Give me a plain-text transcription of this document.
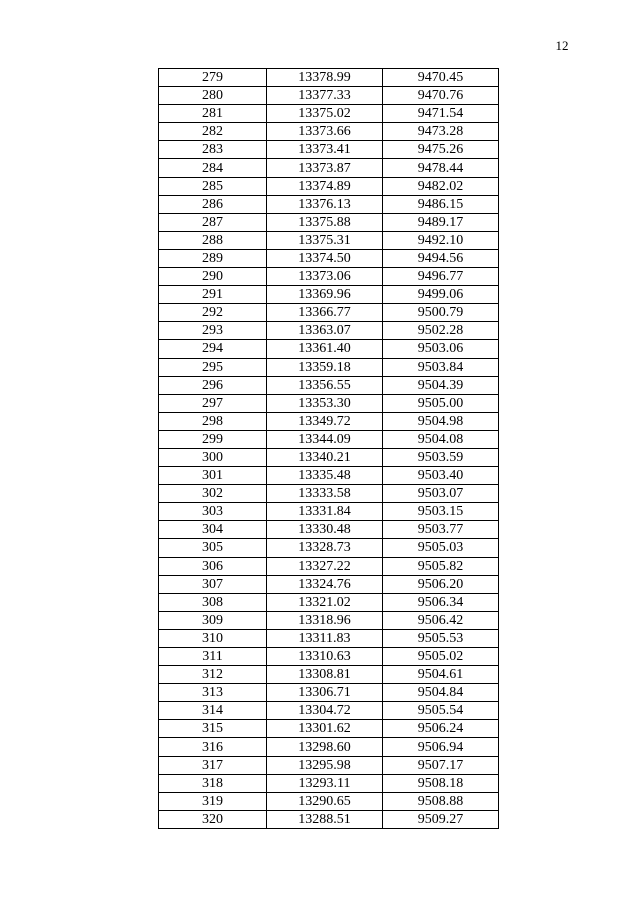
12
279	13378.99	9470.45
280	13377.33	9470.76
281	13375.02	9471.54
282	13373.66	9473.28
283	13373.41	9475.26
284	13373.87	9478.44
285	13374.89	9482.02
286	13376.13	9486.15
287	13375.88	9489.17
288	13375.31	9492.10
289	13374.50	9494.56
290	13373.06	9496.77
291	13369.96	9499.06
292	13366.77	9500.79
293	13363.07	9502.28
294	13361.40	9503.06
295	13359.18	9503.84
296	13356.55	9504.39
297	13353.30	9505.00
298	13349.72	9504.98
299	13344.09	9504.08
300	13340.21	9503.59
301	13335.48	9503.40
302	13333.58	9503.07
303	13331.84	9503.15
304	13330.48	9503.77
305	13328.73	9505.03
306	13327.22	9505.82
307	13324.76	9506.20
308	13321.02	9506.34
309	13318.96	9506.42
310	13311.83	9505.53
311	13310.63	9505.02
312	13308.81	9504.61
313	13306.71	9504.84
314	13304.72	9505.54
315	13301.62	9506.24
316	13298.60	9506.94
317	13295.98	9507.17
318	13293.11	9508.18
319	13290.65	9508.88
320	13288.51	9509.27
